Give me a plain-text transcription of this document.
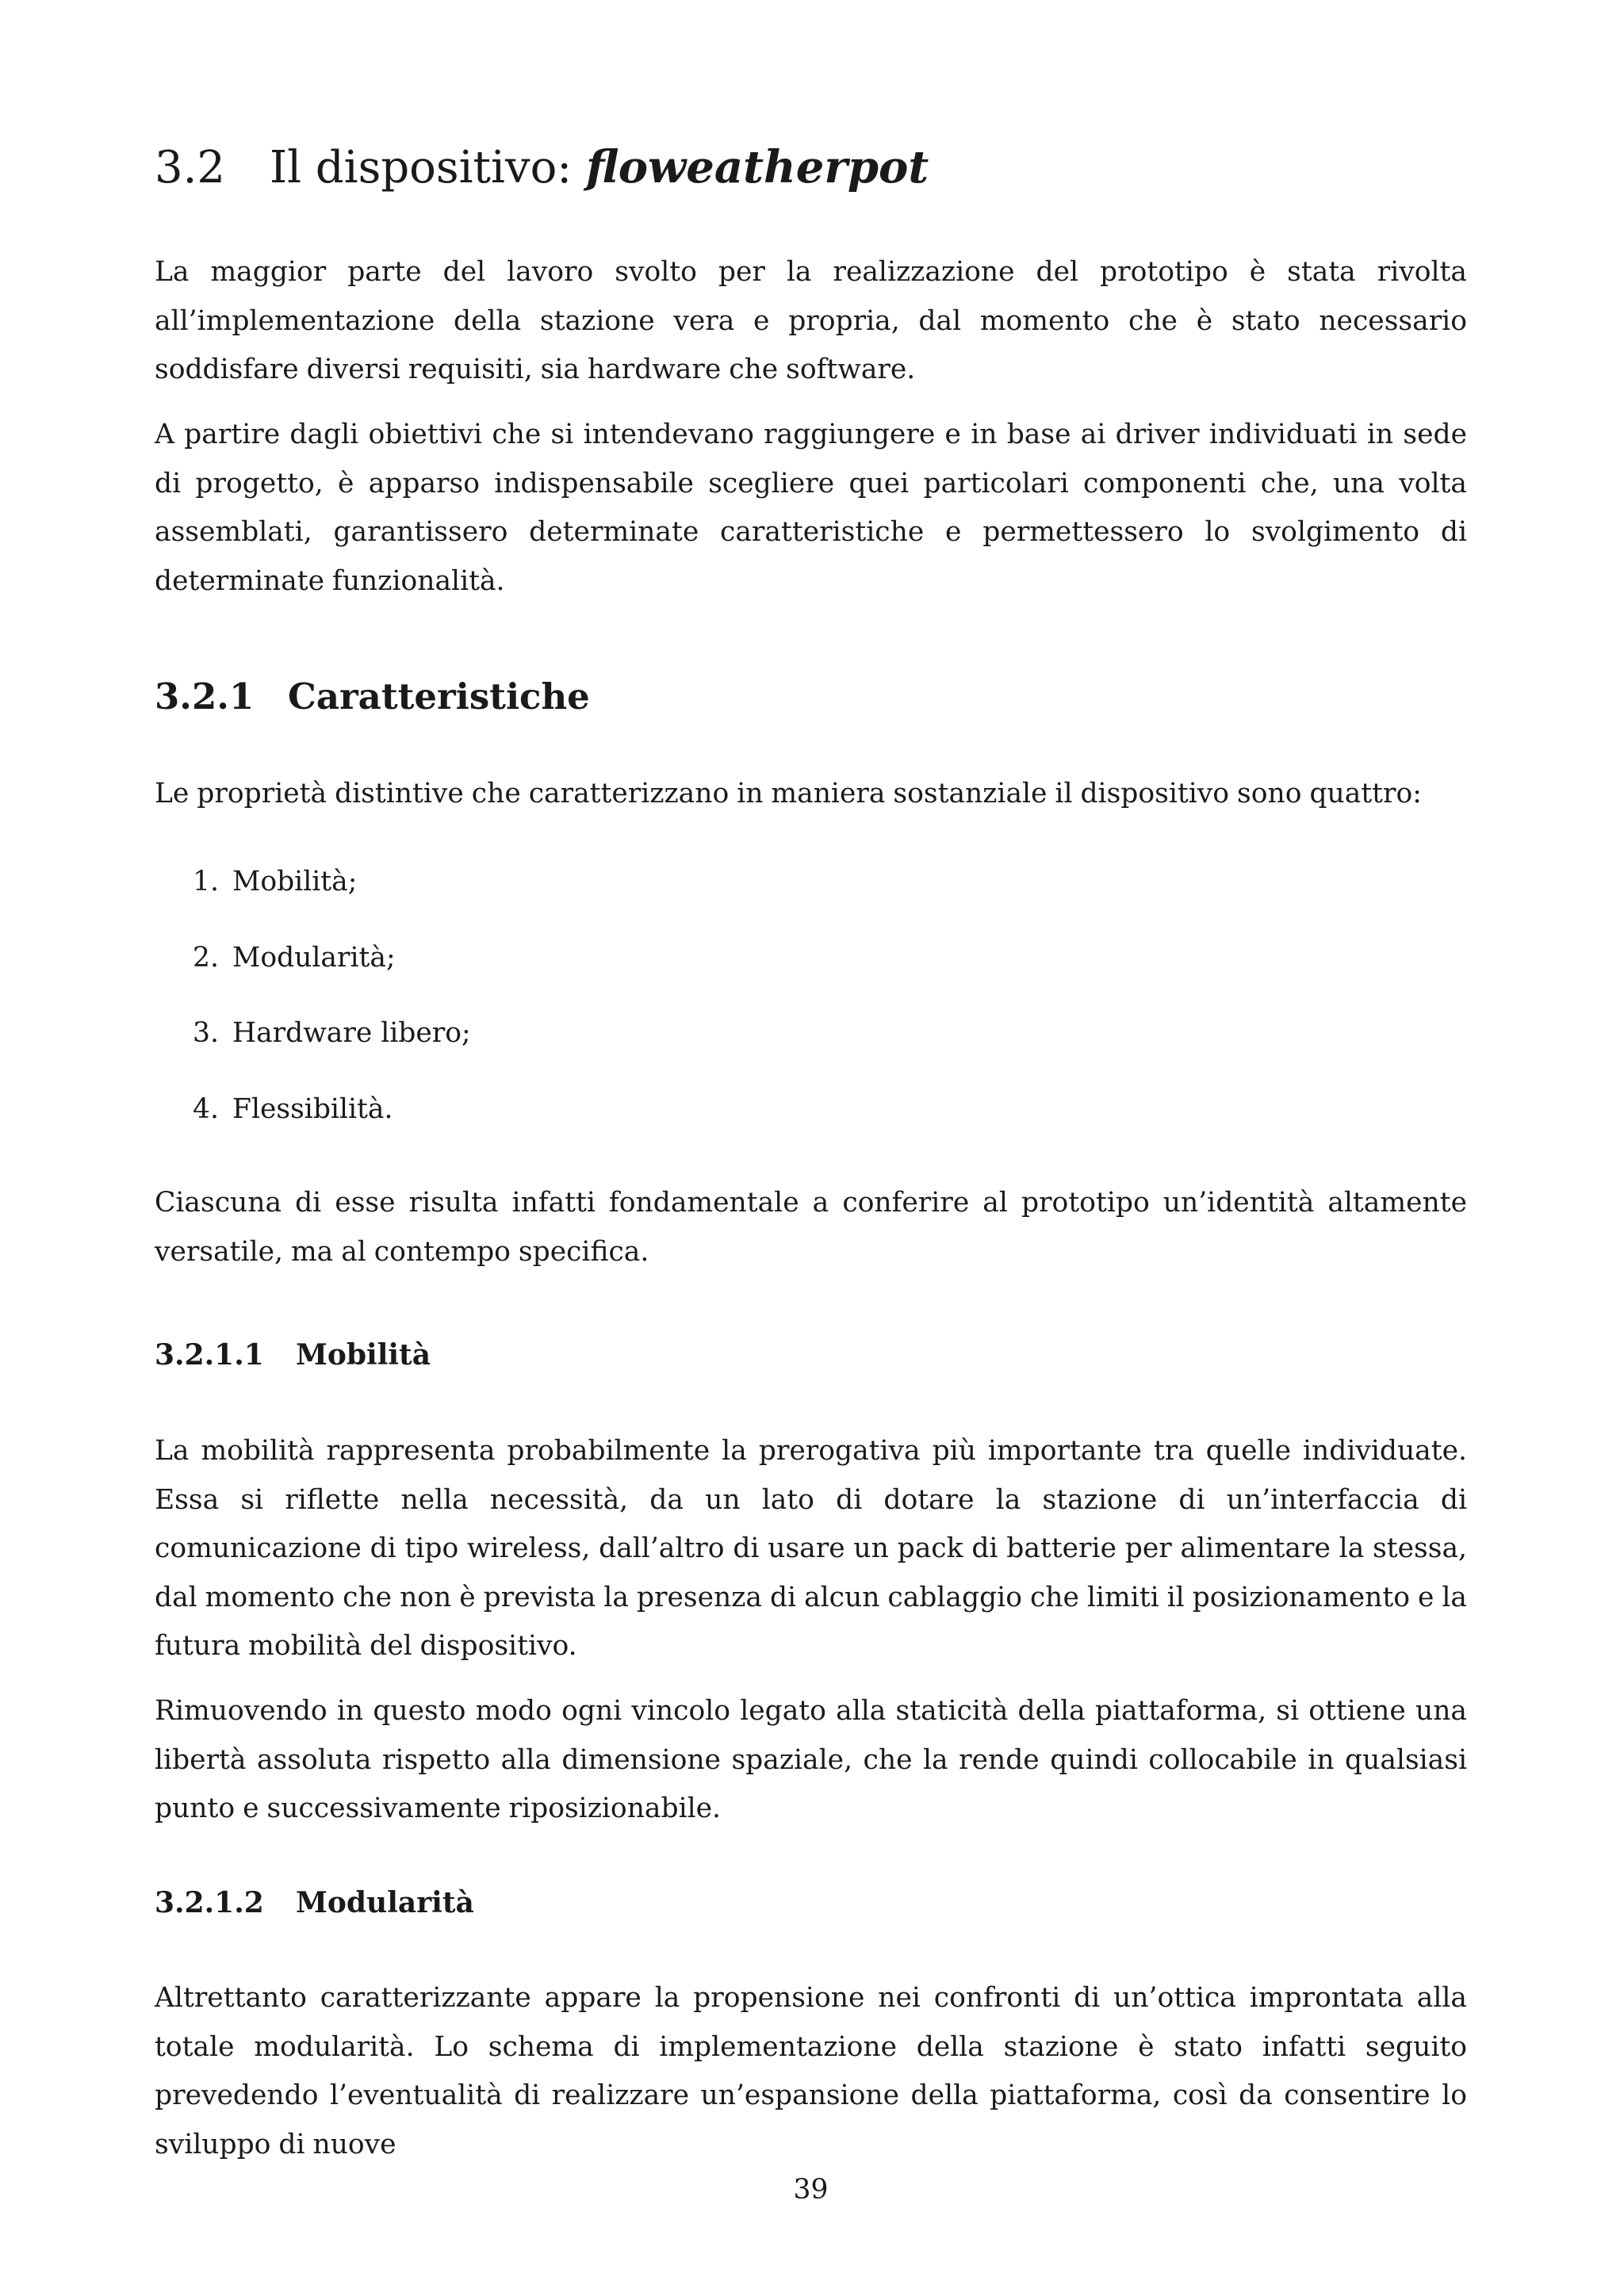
3.2 Il dispositivo: floweatherpot

La maggior parte del lavoro svolto per la realizzazione del prototipo è stata rivolta all’implementazione della stazione vera e propria, dal momento che è stato necessario soddisfare diversi requisiti, sia hardware che software.

A partire dagli obiettivi che si intendevano raggiungere e in base ai driver individuati in sede di progetto, è apparso indispensabile scegliere quei particolari componenti che, una volta assemblati, garantissero determinate caratteristiche e permettessero lo svolgimento di determinate funzionalità.

3.2.1 Caratteristiche

Le proprietà distintive che caratterizzano in maniera sostanziale il dispositivo sono quattro:

1. Mobilità;
2. Modularità;
3. Hardware libero;
4. Flessibilità.

Ciascuna di esse risulta infatti fondamentale a conferire al prototipo un’identità altamente versatile, ma al contempo specifica.

3.2.1.1 Mobilità

La mobilità rappresenta probabilmente la prerogativa più importante tra quelle individuate. Essa si riflette nella necessità, da un lato di dotare la stazione di un’interfaccia di comunicazione di tipo wireless, dall’altro di usare un pack di batterie per alimentare la stessa, dal momento che non è prevista la presenza di alcun cablaggio che limiti il posizionamento e la futura mobilità del dispositivo.

Rimuovendo in questo modo ogni vincolo legato alla staticità della piattaforma, si ottiene una libertà assoluta rispetto alla dimensione spaziale, che la rende quindi collocabile in qualsiasi punto e successivamente riposizionabile.

3.2.1.2 Modularità

Altrettanto caratterizzante appare la propensione nei confronti di un’ottica improntata alla totale modularità. Lo schema di implementazione della stazione è stato infatti seguito prevedendo l’eventualità di realizzare un’espansione della piattaforma, così da consentire lo sviluppo di nuove

39
